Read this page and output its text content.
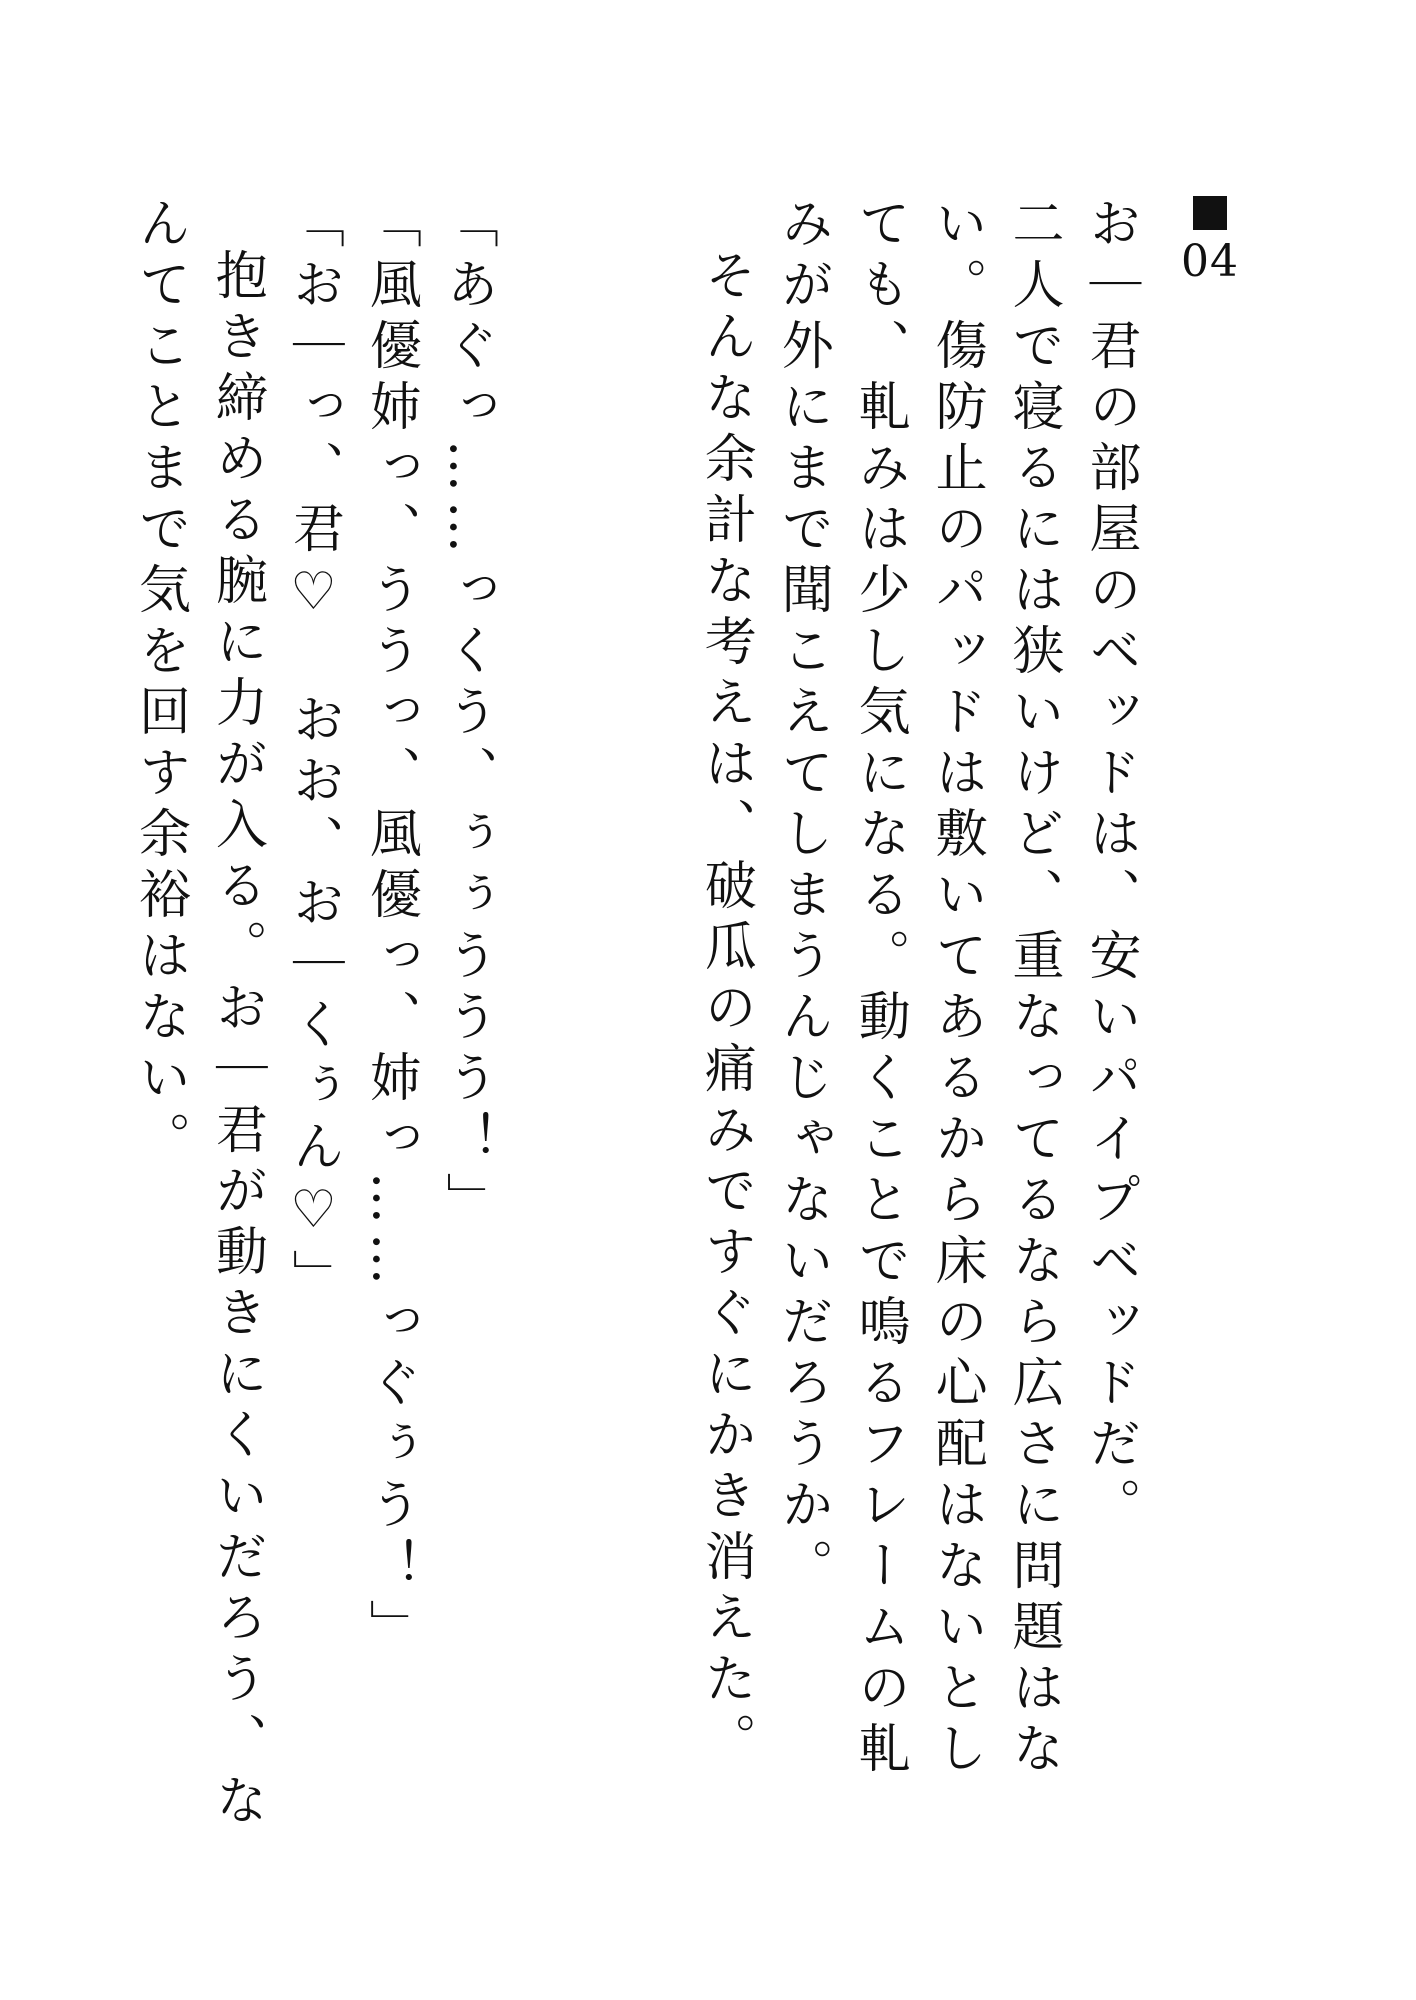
04

お｜君の部屋のベッドは、安いパイプベッドだ。

二人で寝るには狭いけど、重なってるなら広さに問題はない。傷防止のパッドは敷いてあるから床の心配はないとしても、軋みは少し気になる。動くことで鳴るフレームの軋みが外にまで聞こえてしまうんじゃないだろうか。

そんな余計な考えは、破瓜の痛みですぐにかき消えた。

「あぐっ……っくう、ぅぅううう！」

「風優姉っ、ううっ、風優っ、姉っ……っぐぅう！」

「お｜っ、君♡　おお、お｜くぅん♡」

抱き締める腕に力が入る。お｜君が動きにくいだろう、なんてことまで気を回す余裕はない。
